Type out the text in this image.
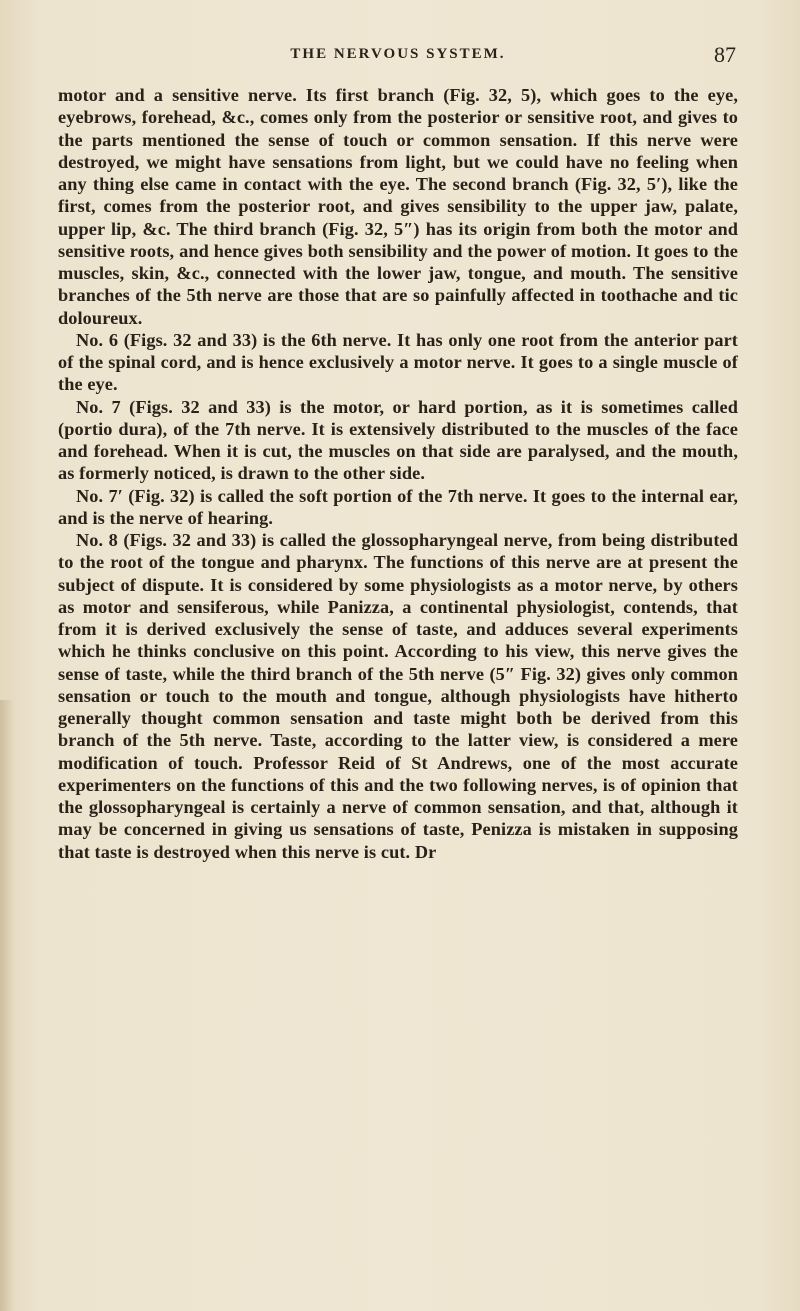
THE NERVOUS SYSTEM.	87

motor and a sensitive nerve. Its first branch (Fig. 32, 5), which goes to the eye, eyebrows, forehead, &c., comes only from the posterior or sensitive root, and gives to the parts mentioned the sense of touch or common sensation. If this nerve were destroyed, we might have sensations from light, but we could have no feeling when any thing else came in contact with the eye. The second branch (Fig. 32, 5′), like the first, comes from the posterior root, and gives sensibility to the upper jaw, palate, upper lip, &c. The third branch (Fig. 32, 5″) has its origin from both the motor and sensitive roots, and hence gives both sensibility and the power of motion. It goes to the muscles, skin, &c., connected with the lower jaw, tongue, and mouth. The sensitive branches of the 5th nerve are those that are so painfully affected in toothache and tic doloureux.

No. 6 (Figs. 32 and 33) is the 6th nerve. It has only one root from the anterior part of the spinal cord, and is hence exclusively a motor nerve. It goes to a single muscle of the eye.

No. 7 (Figs. 32 and 33) is the motor, or hard portion, as it is sometimes called (portio dura), of the 7th nerve. It is extensively distributed to the muscles of the face and forehead. When it is cut, the muscles on that side are paralysed, and the mouth, as formerly noticed, is drawn to the other side.

No. 7′ (Fig. 32) is called the soft portion of the 7th nerve. It goes to the internal ear, and is the nerve of hearing.

No. 8 (Figs. 32 and 33) is called the glossopharyngeal nerve, from being distributed to the root of the tongue and pharynx. The functions of this nerve are at present the subject of dispute. It is considered by some physiologists as a motor nerve, by others as motor and sensiferous, while Panizza, a continental physiologist, contends, that from it is derived exclusively the sense of taste, and adduces several experiments which he thinks conclusive on this point. According to his view, this nerve gives the sense of taste, while the third branch of the 5th nerve (5″ Fig. 32) gives only common sensation or touch to the mouth and tongue, although physiologists have hitherto generally thought common sensation and taste might both be derived from this branch of the 5th nerve. Taste, according to the latter view, is considered a mere modification of touch. Professor Reid of St Andrews, one of the most accurate experimenters on the functions of this and the two following nerves, is of opinion that the glossopharyngeal is certainly a nerve of common sensation, and that, although it may be concerned in giving us sensations of taste, Penizza is mistaken in supposing that taste is destroyed when this nerve is cut. Dr
